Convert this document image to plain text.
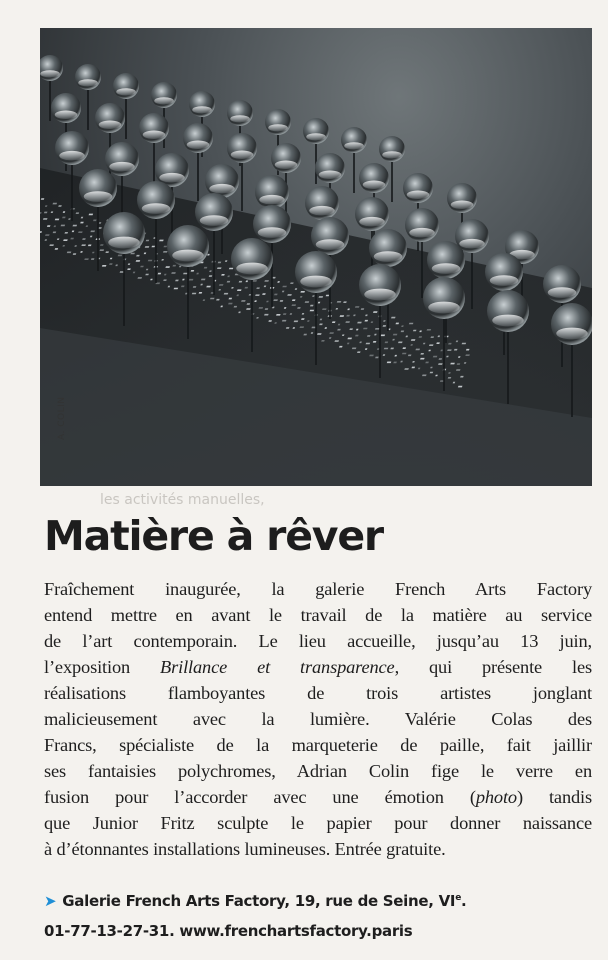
les activités manuelles,
A. COLIN
Matière à rêver
Fraîchement inaugurée, la galerie French Arts Factory
entend mettre en avant le travail de la matière au service
de l’art contemporain. Le lieu accueille, jusqu’au 13 juin,
l’exposition Brillance et transparence, qui présente les
réalisations flamboyantes de trois artistes jonglant
malicieusement avec la lumière. Valérie Colas des
Francs, spécialiste de la marqueterie de paille, fait jaillir
ses fantaisies polychromes, Adrian Colin fige le verre en
fusion pour l’accorder avec une émotion (photo) tandis
que Junior Fritz sculpte le papier pour donner naissance
à d’étonnantes installations lumineuses. Entrée gratuite.
➤ Galerie French Arts Factory, 19, rue de Seine, VIe.
01-77-13-27-31. www.frenchartsfactory.paris
